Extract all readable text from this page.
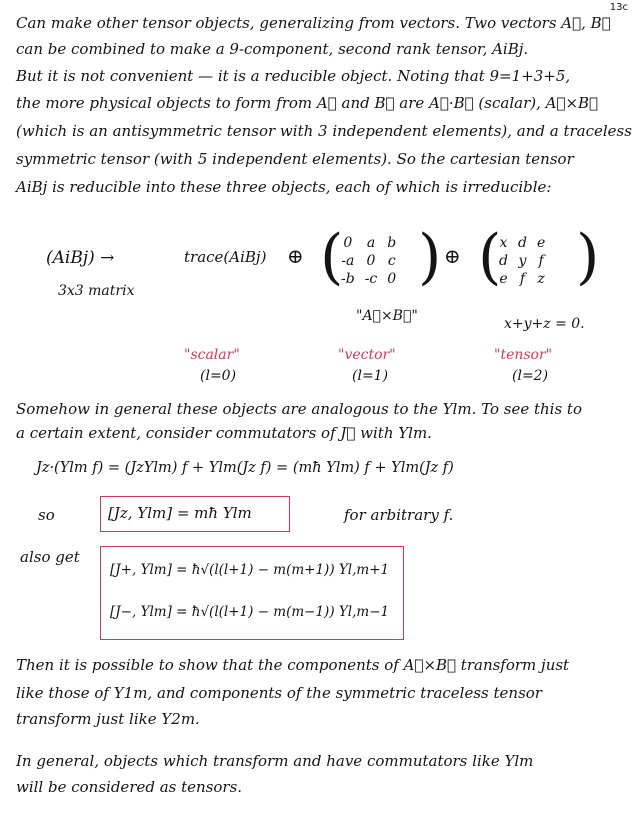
13c
Can make other tensor objects, generalizing from vectors. Two vectors A⃗, B⃗
can be combined to make a 9-component, second rank tensor, AiBj.
But it is not convenient — it is a reducible object. Noting that 9=1+3+5,
the more physical objects to form from A⃗ and B⃗ are A⃗·B⃗ (scalar), A⃗×B⃗
(which is an antisymmetric tensor with 3 independent elements), and a traceless
symmetric tensor (with 5 independent elements). So the cartesian tensor
AiBj is reducible into these three objects, each of which is irreducible:
(AiBj) →
3x3 matrix
trace(AiBj) ⊕ ( 0	a	b
-a	0	c
-b	-c	0 )
"A⃗×B⃗"
⊕ (
x	d	e
d	y	f
e	f	z )
x+y+z = 0.
"scalar"
(l=0)
"vector"
(l=1)
"tensor"
(l=2)
Somehow in general these objects are analogous to the Ylm. To see this to
a certain extent, consider commutators of J⃗ with Ylm.
Jz·(Ylm f) = (JzYlm) f + Ylm(Jz f) = (mħ Ylm) f + Ylm(Jz f)
so	[Jz, Ylm] = mħ Ylm	for arbitrary f.
also get
[J+, Ylm] = ħ√(l(l+1) − m(m+1)) Yl,m+1
[J−, Ylm] = ħ√(l(l+1) − m(m−1)) Yl,m−1
Then it is possible to show that the components of A⃗×B⃗ transform just
like those of Y1m, and components of the symmetric traceless tensor
transform just like Y2m.
In general, objects which transform and have commutators like Ylm
will be considered as tensors.
